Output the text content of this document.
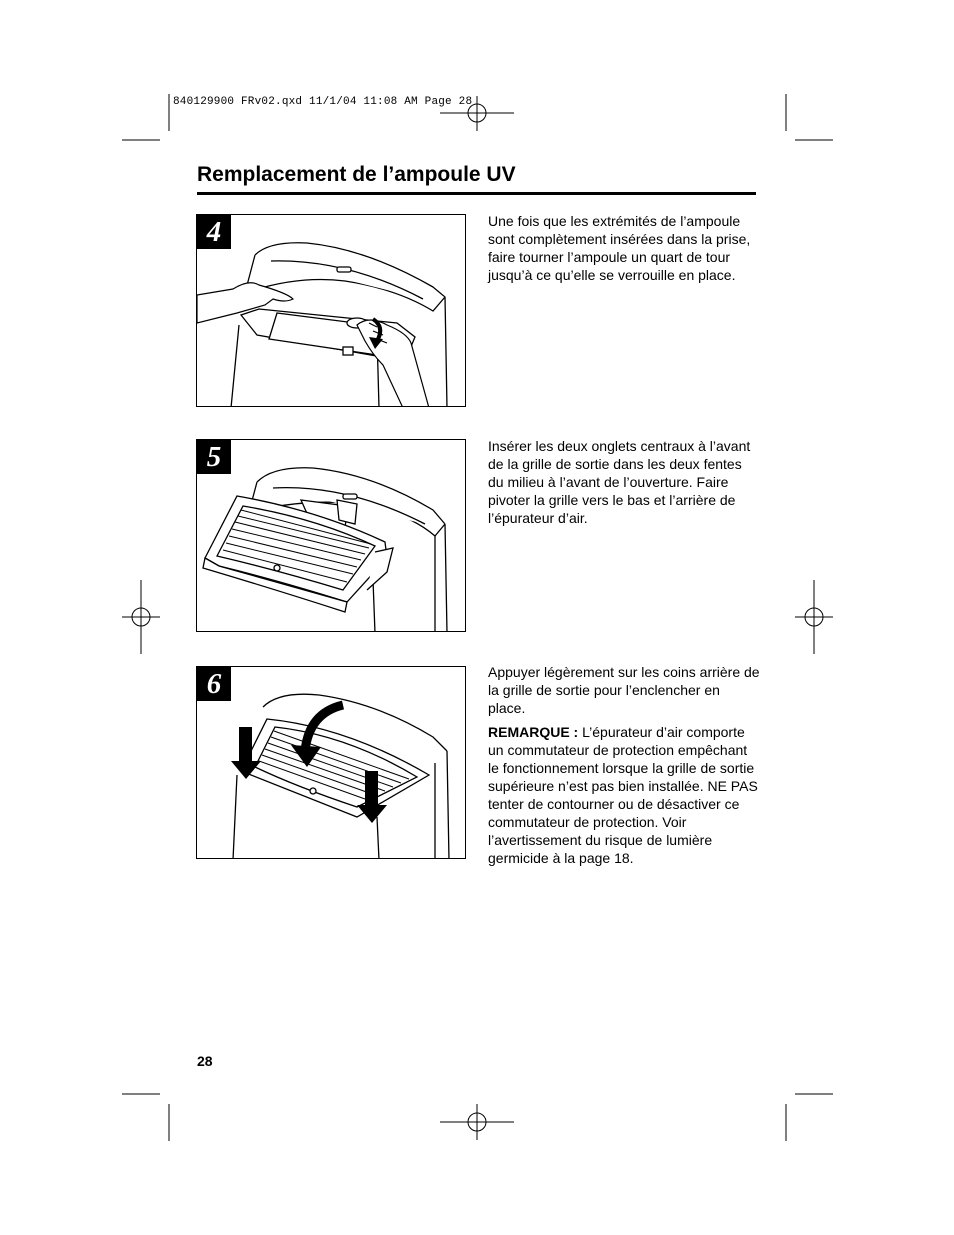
840129900 FRv02.qxd 11/1/04 11:08 AM Page 28
Remplacement de l’ampoule UV
4	Une fois que les extrémités de l’ampoule sont complètement insérées dans la prise, faire tourner l’ampoule un quart de tour jusqu’à ce qu’elle se verrouille en place.

5	Insérer les deux onglets centraux à l’avant de la grille de sortie dans les deux fentes du milieu à l’avant de l’ouverture. Faire pivoter la grille vers le bas et l’arrière de l’épurateur d’air.

6	Appuyer légèrement sur les coins arrière de la grille de sortie pour l’enclencher en place.

REMARQUE : L’épurateur d’air comporte un commutateur de protection empêchant le fonctionnement lorsque la grille de sortie supérieure n’est pas bien installée. NE PAS tenter de contourner ou de désactiver ce commutateur de protection. Voir l’avertissement du risque de lumière germicide à la page 18.

28
